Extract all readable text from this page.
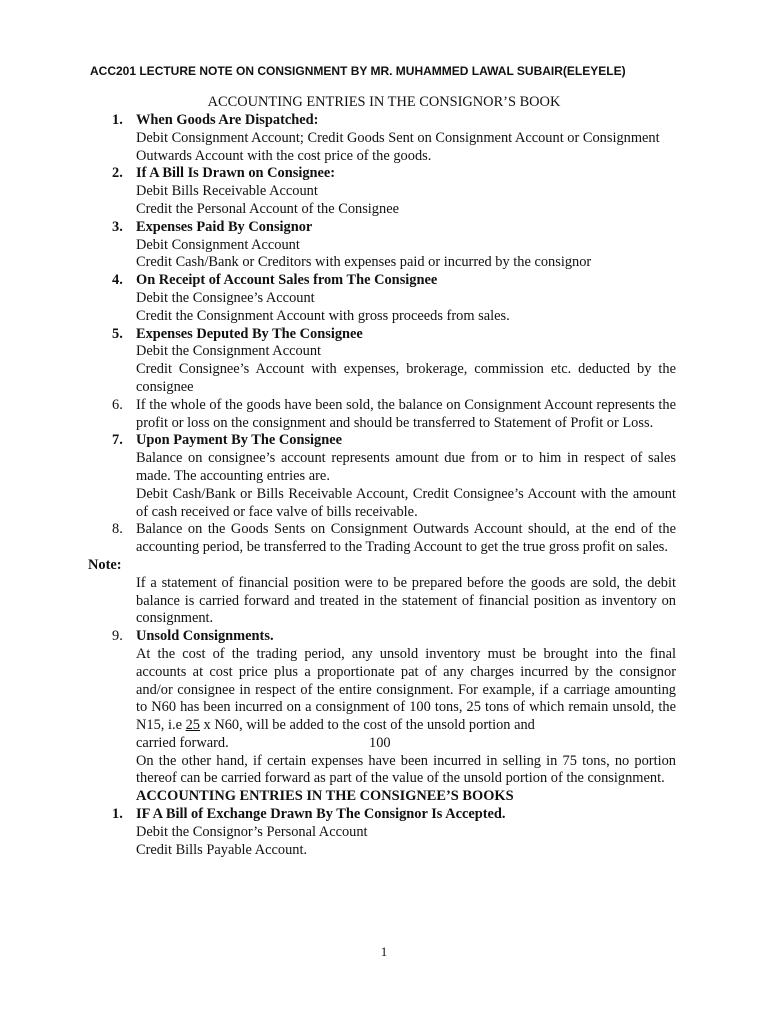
ACC201 LECTURE NOTE ON CONSIGNMENT BY MR. MUHAMMED LAWAL SUBAIR(ELEYELE)
ACCOUNTING ENTRIES IN THE CONSIGNOR’S BOOK
1. When Goods Are Dispatched:
Debit Consignment Account; Credit Goods Sent on Consignment Account or Consignment
Outwards Account with the cost price of the goods.
2. If A Bill Is Drawn on Consignee:
Debit Bills Receivable Account
Credit the Personal Account of the Consignee
3. Expenses Paid By Consignor
Debit Consignment Account
Credit Cash/Bank or Creditors with expenses paid or incurred by the consignor
4. On Receipt of Account Sales from The Consignee
Debit the Consignee’s Account
Credit the Consignment Account with gross proceeds from sales.
5. Expenses Deputed By The Consignee
Debit the Consignment Account
Credit Consignee’s Account with expenses, brokerage, commission etc. deducted by the consignee
6. If the whole of the goods have been sold, the balance on Consignment Account represents the profit or loss on the consignment and should be transferred to Statement of Profit or Loss.
7. Upon Payment By The Consignee
Balance on consignee’s account represents amount due from or to him in respect of sales made. The accounting entries are.
Debit Cash/Bank or Bills Receivable Account, Credit Consignee’s Account with the amount of cash received or face valve of bills receivable.
8. Balance on the Goods Sents on Consignment Outwards Account should, at the end of the accounting period, be transferred to the Trading Account to get the true gross profit on sales.
Note:
If a statement of financial position were to be prepared before the goods are sold, the debit balance is carried forward and treated in the statement of financial position as inventory on consignment.
9. Unsold Consignments.
At the cost of the trading period, any unsold inventory must be brought into the final accounts at cost price plus a proportionate pat of any charges incurred by the consignor and/or consignee in respect of the entire consignment. For example, if a carriage amounting to N60 has been incurred on a consignment of 100 tons, 25 tons of which remain unsold, the N15, i.e 25 x N60, will be added to the cost of the unsold portion and
carried forward.	100
On the other hand, if certain expenses have been incurred in selling in 75 tons, no portion thereof can be carried forward as part of the value of the unsold portion of the consignment.
ACCOUNTING ENTRIES IN THE CONSIGNEE’S BOOKS
1. IF A Bill of Exchange Drawn By The Consignor Is Accepted.
Debit the Consignor’s Personal Account
Credit Bills Payable Account.
1
